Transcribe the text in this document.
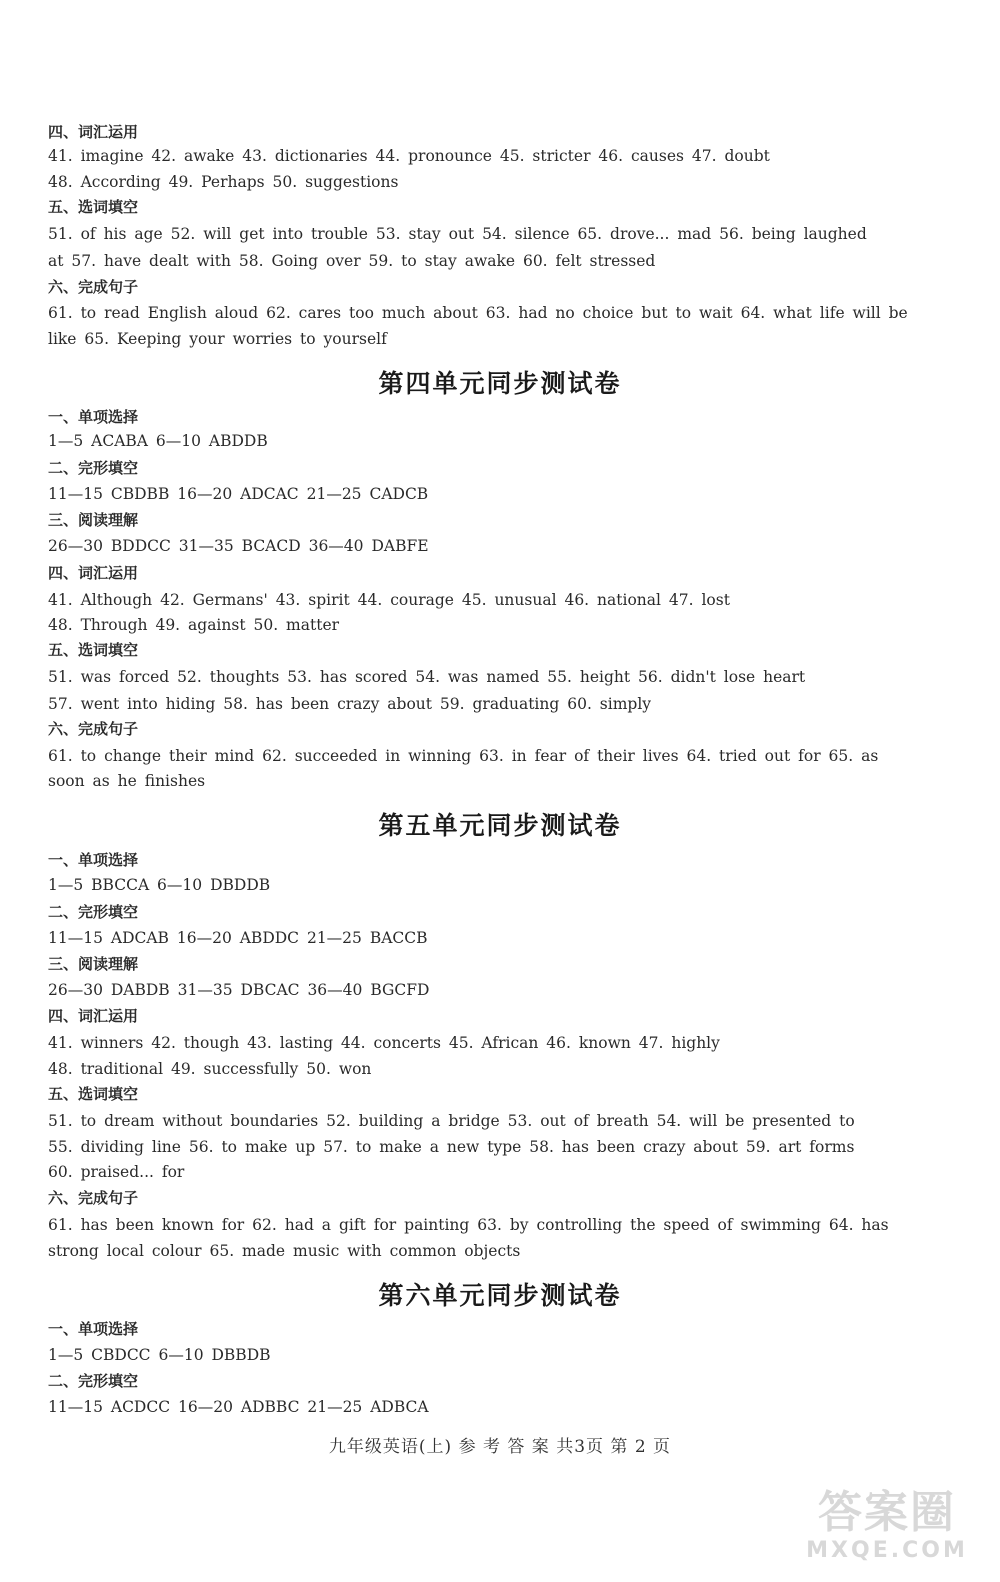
四、词汇运用
41. imagine 42. awake 43. dictionaries 44. pronounce 45. stricter 46. causes 47. doubt
48. According 49. Perhaps 50. suggestions
五、选词填空
51. of his age 52. will get into trouble 53. stay out 54. silence 65. drove... mad 56. being laughed
at 57. have dealt with 58. Going over 59. to stay awake 60. felt stressed
六、完成句子
61. to read English aloud 62. cares too much about 63. had no choice but to wait 64. what life will be
like 65. Keeping your worries to yourself
第四单元同步测试卷
一、单项选择
1—5 ACABA 6—10 ABDDB
二、完形填空
11—15 CBDBB 16—20 ADCAC 21—25 CADCB
三、阅读理解
26—30 BDDCC 31—35 BCACD 36—40 DABFE
四、词汇运用
41. Although 42. Germans' 43. spirit 44. courage 45. unusual 46. national 47. lost
48. Through 49. against 50. matter
五、选词填空
51. was forced 52. thoughts 53. has scored 54. was named 55. height 56. didn't lose heart
57. went into hiding 58. has been crazy about 59. graduating 60. simply
六、完成句子
61. to change their mind 62. succeeded in winning 63. in fear of their lives 64. tried out for 65. as
soon as he finishes
第五单元同步测试卷
一、单项选择
1—5 BBCCA 6—10 DBDDB
二、完形填空
11—15 ADCAB 16—20 ABDDC 21—25 BACCB
三、阅读理解
26—30 DABDB 31—35 DBCAC 36—40 BGCFD
四、词汇运用
41. winners 42. though 43. lasting 44. concerts 45. African 46. known 47. highly
48. traditional 49. successfully 50. won
五、选词填空
51. to dream without boundaries 52. building a bridge 53. out of breath 54. will be presented to
55. dividing line 56. to make up 57. to make a new type 58. has been crazy about 59. art forms
60. praised... for
六、完成句子
61. has been known for 62. had a gift for painting 63. by controlling the speed of swimming 64. has
strong local colour 65. made music with common objects
第六单元同步测试卷
一、单项选择
1—5 CBDCC 6—10 DBBDB
二、完形填空
11—15 ACDCC 16—20 ADBBC 21—25 ADBCA
九年级英语(上) 参 考 答 案 共3页 第 2 页
答案圈
MXQE.COM
